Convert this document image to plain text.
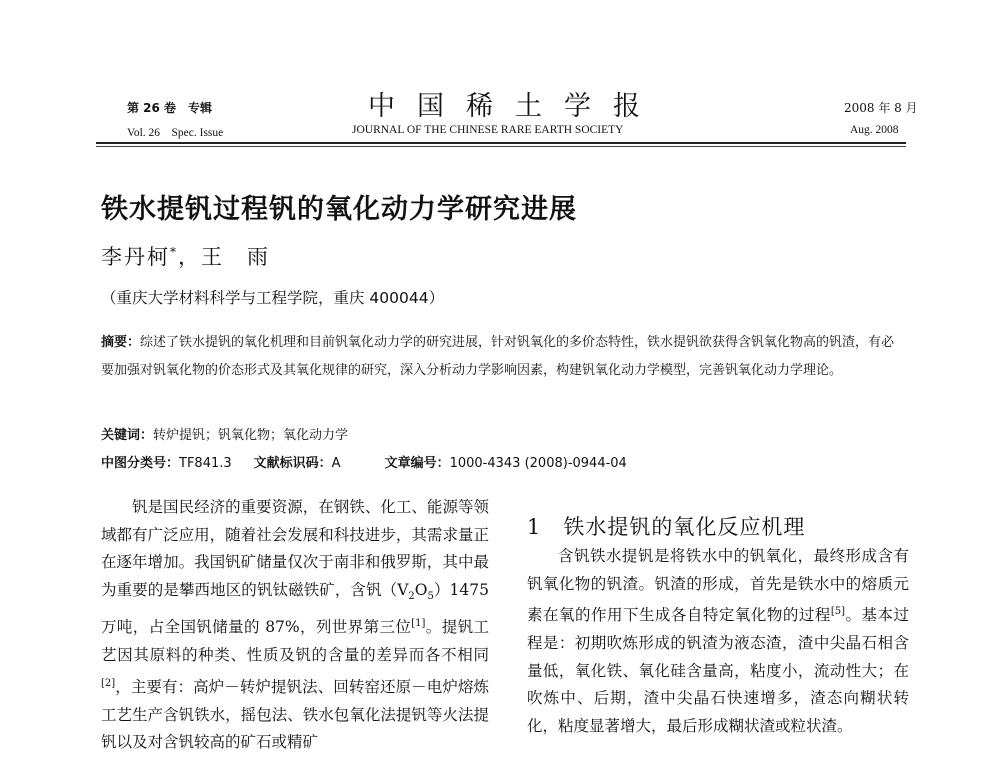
第 26 卷　专辑	中国稀土学报	2008 年 8 月
Vol. 26　Spec. Issue	JOURNAL OF THE CHINESE RARE EARTH SOCIETY	Aug. 2008
铁水提钒过程钒的氧化动力学研究进展
李丹柯*，王　雨
（重庆大学材料科学与工程学院，重庆 400044）
摘要：综述了铁水提钒的氧化机理和目前钒氧化动力学的研究进展，针对钒氧化的多价态特性，铁水提钒欲获得含钒氧化物高的钒渣，有必要加强对钒氧化物的价态形式及其氧化规律的研究，深入分析动力学影响因素，构建钒氧化动力学模型，完善钒氧化动力学理论。
关键词：转炉提钒；钒氧化物；氧化动力学
中图分类号：TF841.3 文献标识码：A	文章编号：1000-4343 (2008)-0944-04

钒是国民经济的重要资源，在钢铁、化工、能源等领域都有广泛应用，随着社会发展和科技进步，其需求量正在逐年增加。我国钒矿储量仅次于南非和俄罗斯，其中最为重要的是攀西地区的钒钛磁铁矿，含钒$(V_2O_5)1475$ 万吨，占全国钒储量的 87%，列世界第三位[1]。提钒工艺因其原料的种类、性质及钒的含量的差异而各不相同[2]，主要有：高炉－转炉提钒法、回转窑还原－电炉熔炼工艺生产含钒铁水，摇包法、铁水包氧化法提钒等火法提钒以及对含钒较高的矿石或精矿

1　铁水提钒的氧化反应机理

含钒铁水提钒是将铁水中的钒氧化，最终形成含有钒氧化物的钒渣。钒渣的形成，首先是铁水中的熔质元素在氧的作用下生成各自特定氧化物的过程[5]。基本过程是：初期吹炼形成的钒渣为液态渣，渣中尖晶石相含量低，氧化铁、氧化硅含量高，粘度小，流动性大；在吹炼中、后期，渣中尖晶石快速增多，渣态向糊状转化，粘度显著增大，最后形成糊状渣或粒状渣。
